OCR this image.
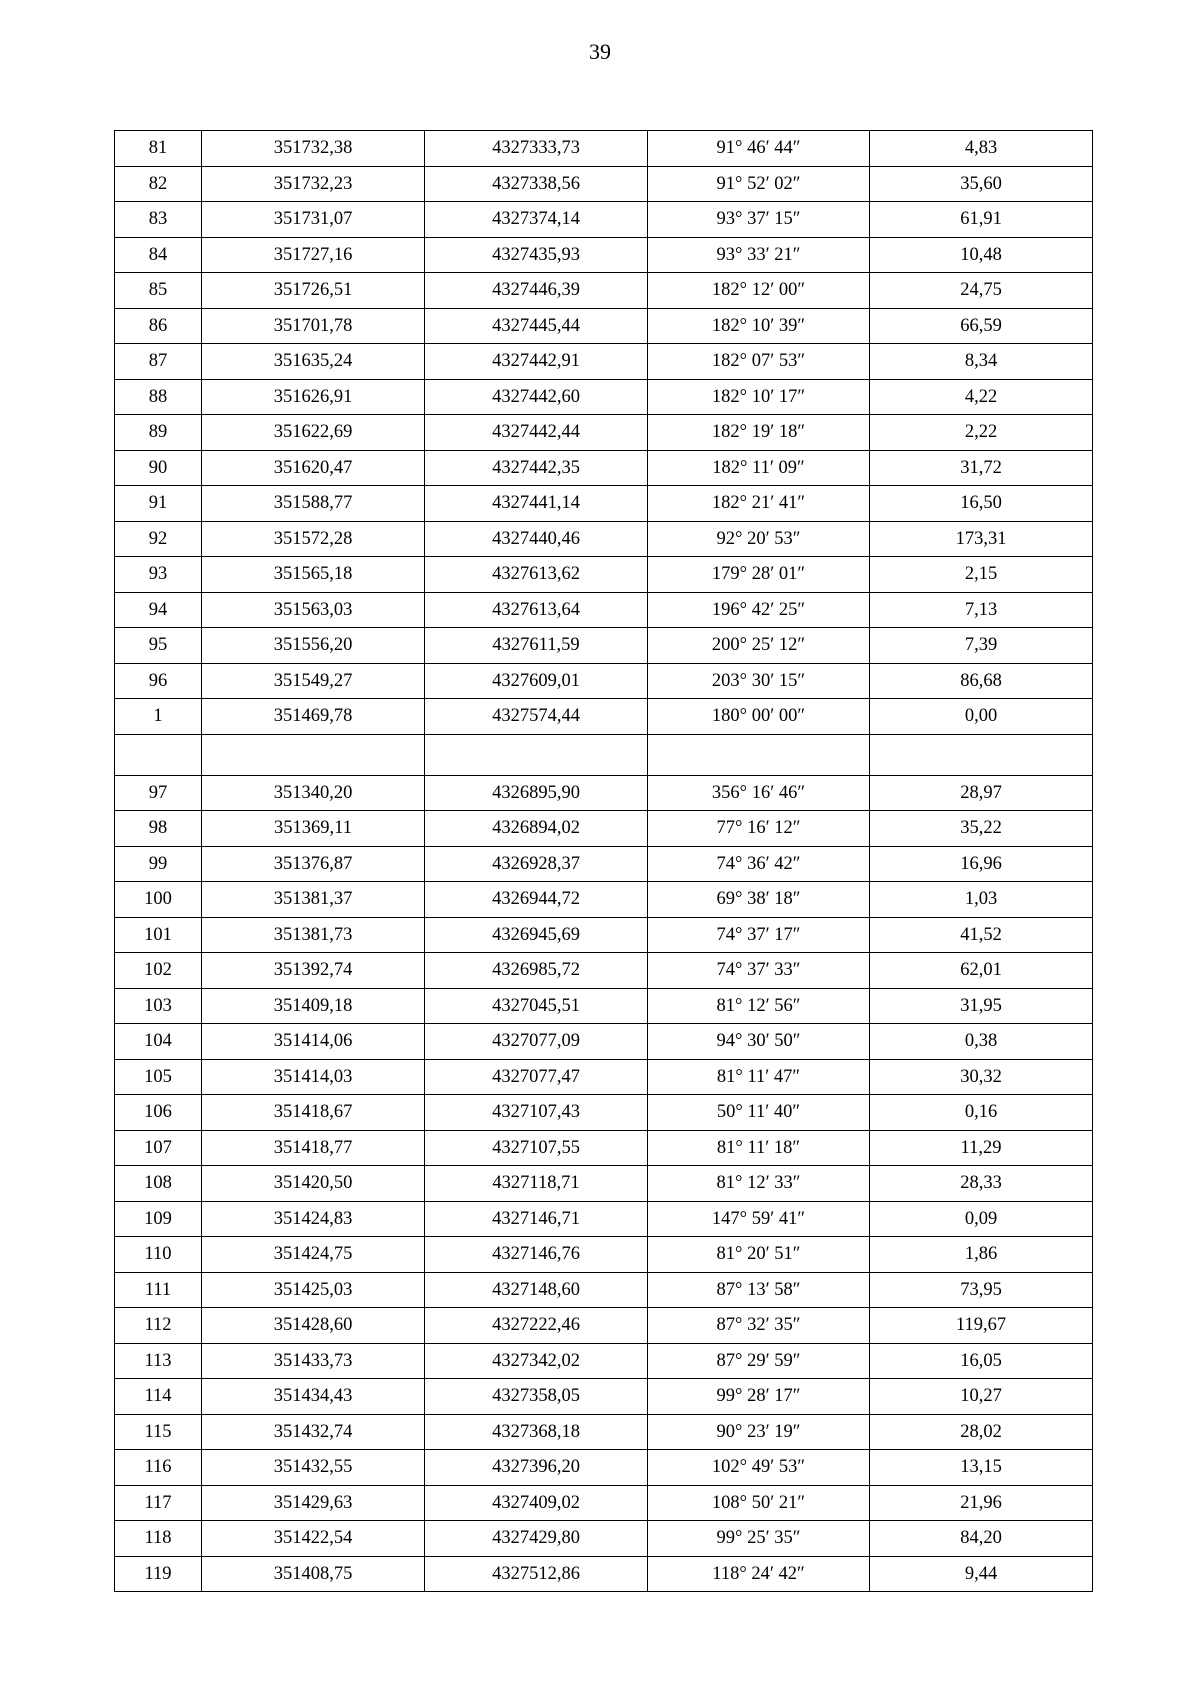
39
81	351732,38	4327333,73	91° 46′ 44″	4,83
82	351732,23	4327338,56	91° 52′ 02″	35,60
83	351731,07	4327374,14	93° 37′ 15″	61,91
84	351727,16	4327435,93	93° 33′ 21″	10,48
85	351726,51	4327446,39	182° 12′ 00″	24,75
86	351701,78	4327445,44	182° 10′ 39″	66,59
87	351635,24	4327442,91	182° 07′ 53″	8,34
88	351626,91	4327442,60	182° 10′ 17″	4,22
89	351622,69	4327442,44	182° 19′ 18″	2,22
90	351620,47	4327442,35	182° 11′ 09″	31,72
91	351588,77	4327441,14	182° 21′ 41″	16,50
92	351572,28	4327440,46	92° 20′ 53″	173,31
93	351565,18	4327613,62	179° 28′ 01″	2,15
94	351563,03	4327613,64	196° 42′ 25″	7,13
95	351556,20	4327611,59	200° 25′ 12″	7,39
96	351549,27	4327609,01	203° 30′ 15″	86,68
1	351469,78	4327574,44	180° 00′ 00″	0,00

97	351340,20	4326895,90	356° 16′ 46″	28,97
98	351369,11	4326894,02	77° 16′ 12″	35,22
99	351376,87	4326928,37	74° 36′ 42″	16,96
100	351381,37	4326944,72	69° 38′ 18″	1,03
101	351381,73	4326945,69	74° 37′ 17″	41,52
102	351392,74	4326985,72	74° 37′ 33″	62,01
103	351409,18	4327045,51	81° 12′ 56″	31,95
104	351414,06	4327077,09	94° 30′ 50″	0,38
105	351414,03	4327077,47	81° 11′ 47″	30,32
106	351418,67	4327107,43	50° 11′ 40″	0,16
107	351418,77	4327107,55	81° 11′ 18″	11,29
108	351420,50	4327118,71	81° 12′ 33″	28,33
109	351424,83	4327146,71	147° 59′ 41″	0,09
110	351424,75	4327146,76	81° 20′ 51″	1,86
111	351425,03	4327148,60	87° 13′ 58″	73,95
112	351428,60	4327222,46	87° 32′ 35″	119,67
113	351433,73	4327342,02	87° 29′ 59″	16,05
114	351434,43	4327358,05	99° 28′ 17″	10,27
115	351432,74	4327368,18	90° 23′ 19″	28,02
116	351432,55	4327396,20	102° 49′ 53″	13,15
117	351429,63	4327409,02	108° 50′ 21″	21,96
118	351422,54	4327429,80	99° 25′ 35″	84,20
119	351408,75	4327512,86	118° 24′ 42″	9,44
